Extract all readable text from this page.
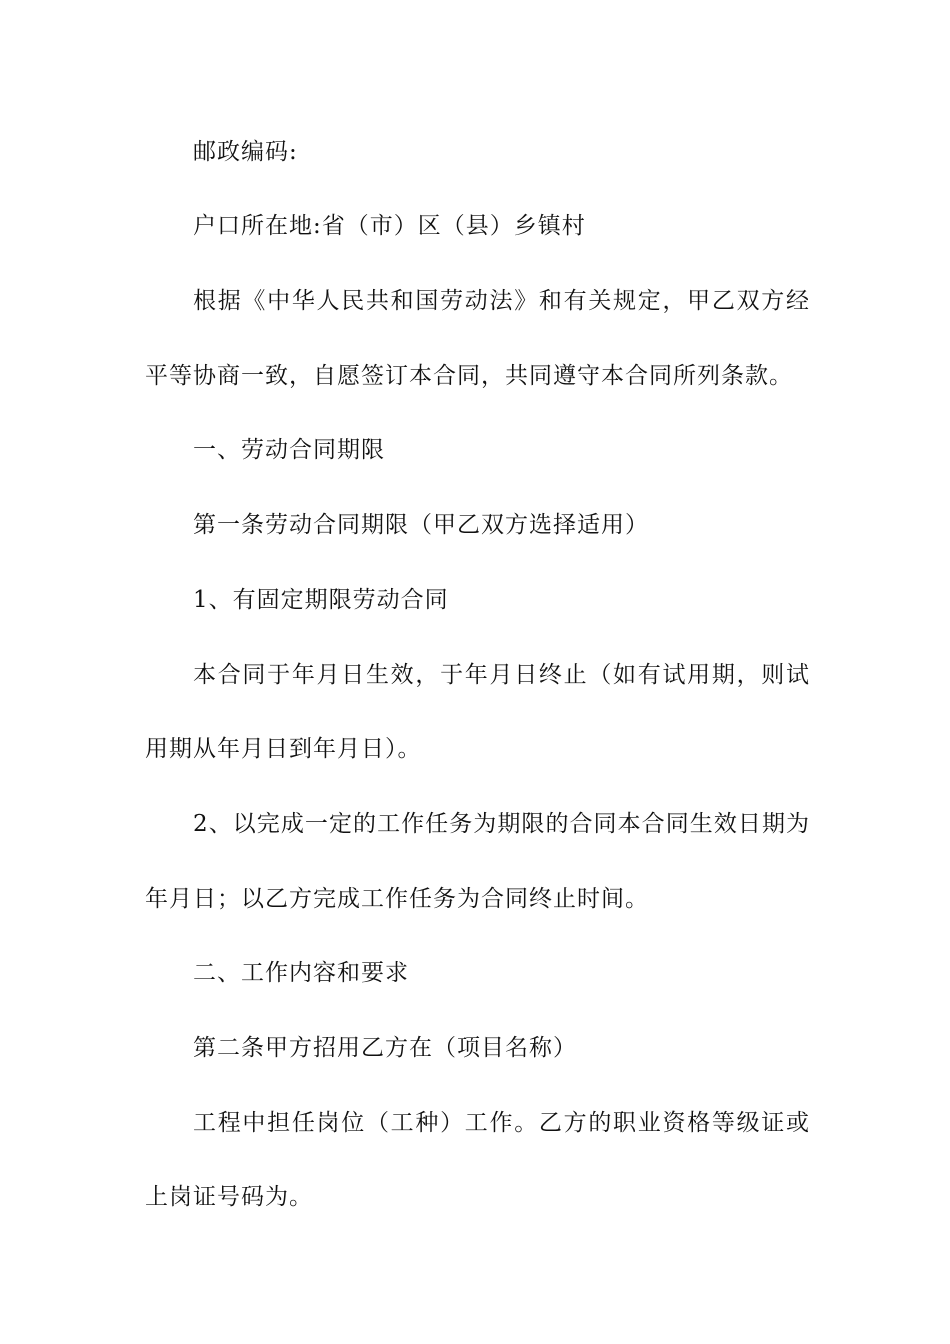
邮政编码:
户口所在地:省（市）区（县）乡镇村
根据《中华人民共和国劳动法》和有关规定，甲乙双方经
平等协商一致，自愿签订本合同，共同遵守本合同所列条款。
一、劳动合同期限
第一条劳动合同期限（甲乙双方选择适用）
1、有固定期限劳动合同
本合同于年月日生效，于年月日终止（如有试用期，则试
用期从年月日到年月日）。
2、以完成一定的工作任务为期限的合同本合同生效日期为
年月日；以乙方完成工作任务为合同终止时间。
二、工作内容和要求
第二条甲方招用乙方在（项目名称）
工程中担任岗位（工种）工作。乙方的职业资格等级证或
上岗证号码为。
